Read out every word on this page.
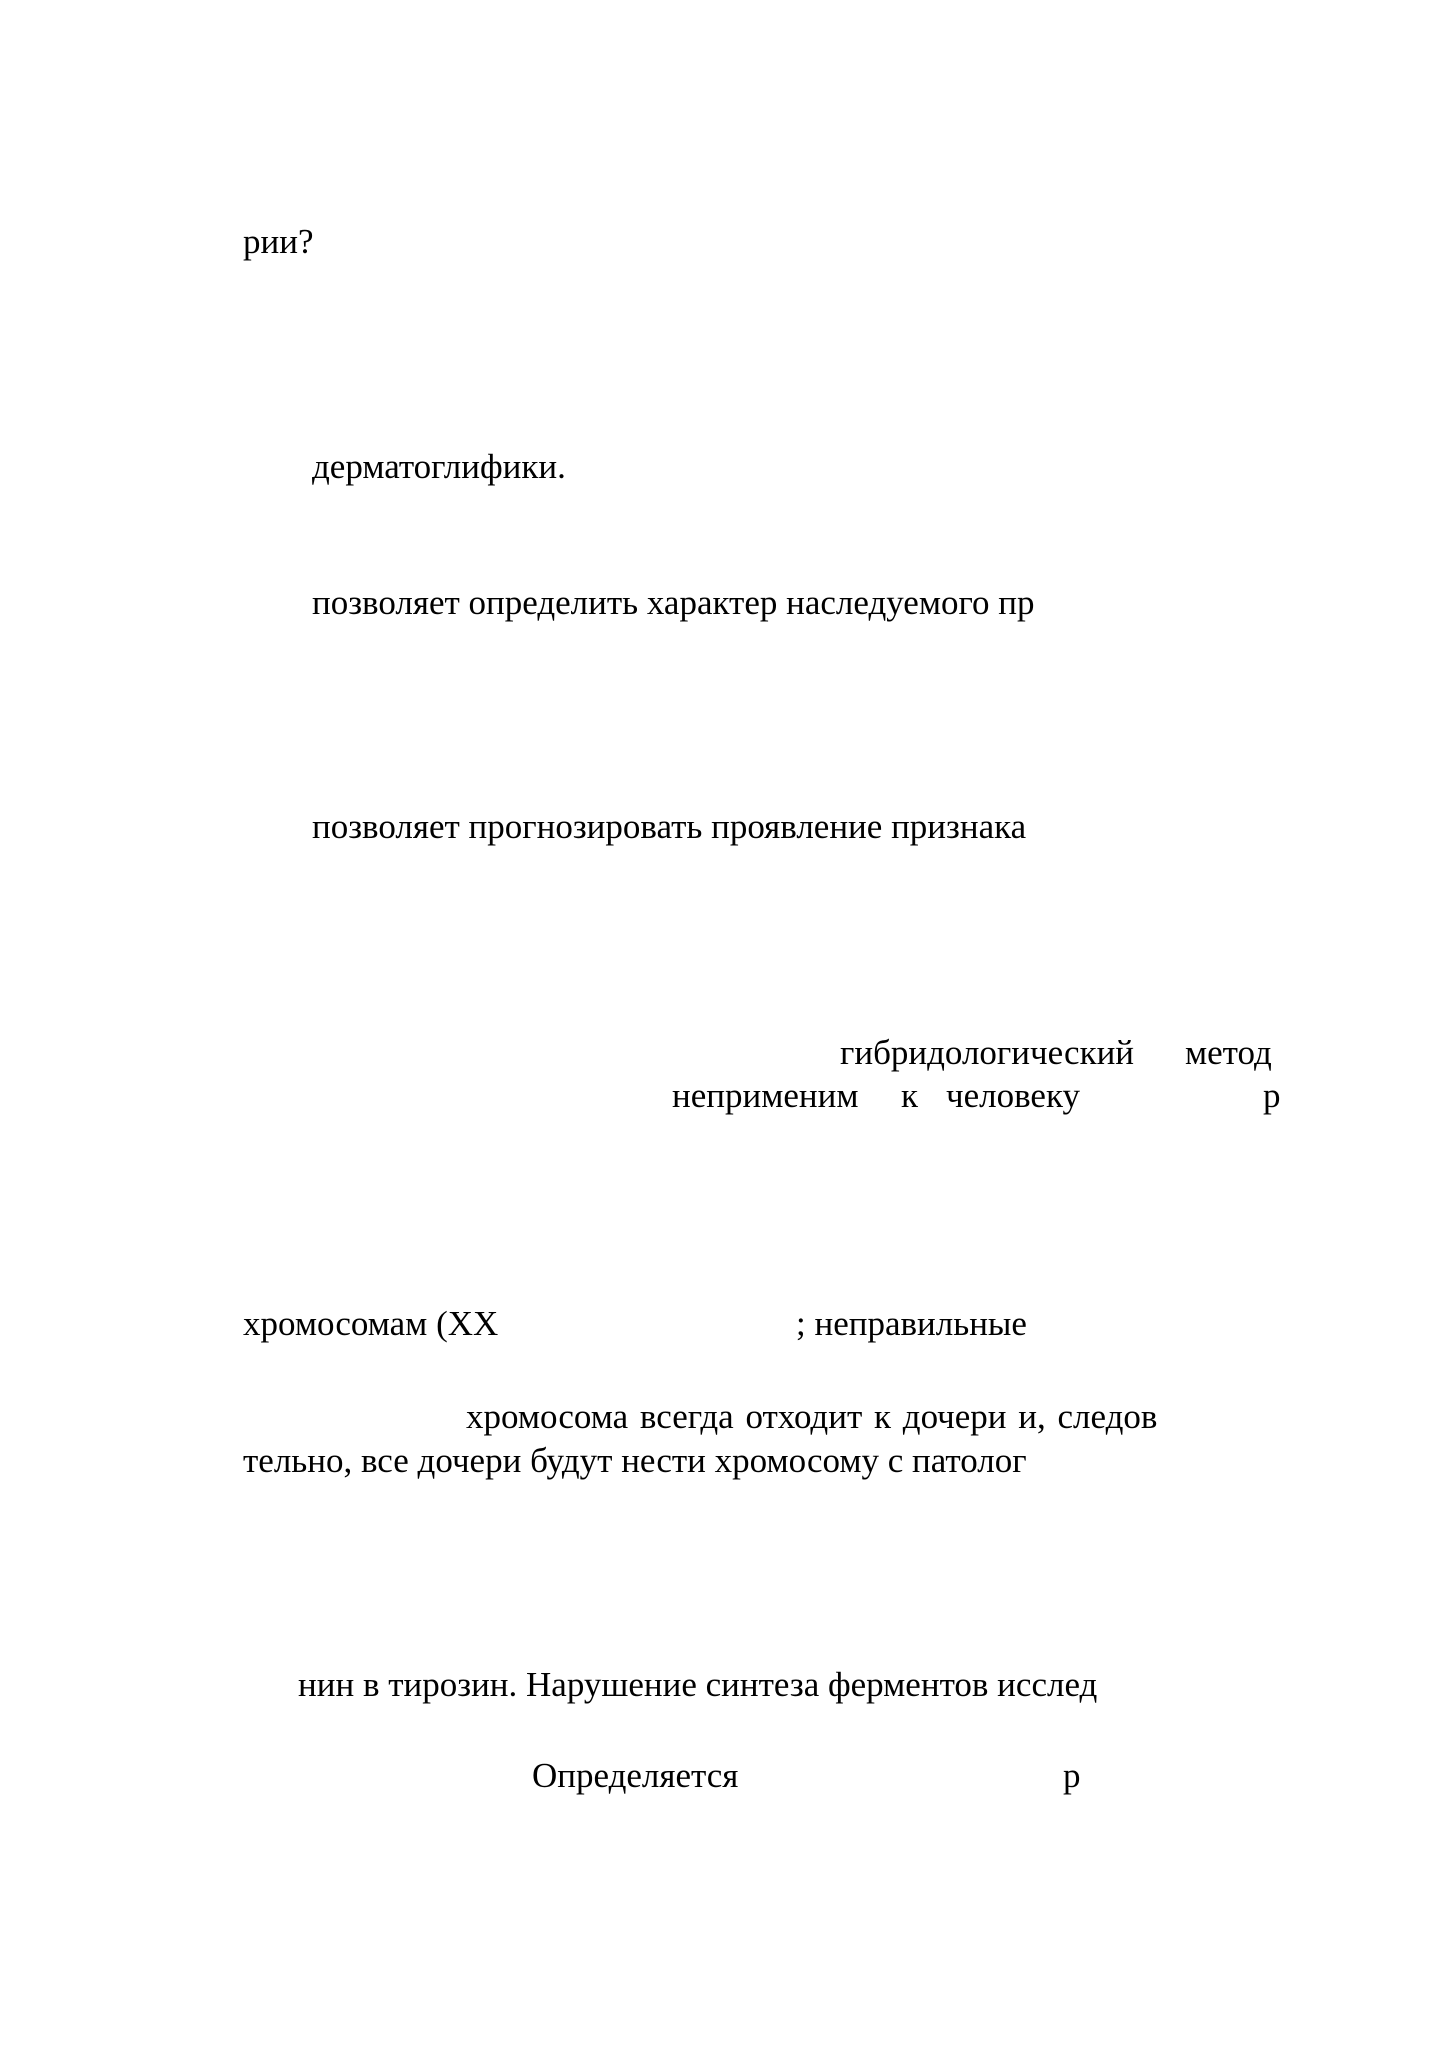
рии?

дерматоглифики.

позволяет определить характер наследуемого пр

позволяет прогнозировать проявление признака

гибридологический метод

неприменим к человеку	р

хромосомам (XX	; неправильные

хромосома всегда отходит к дочери и, следов

тельно, все дочери будут нести хромосому с патолог

нин в тирозин. Нарушение синтеза ферментов исслед

Определяется	р
